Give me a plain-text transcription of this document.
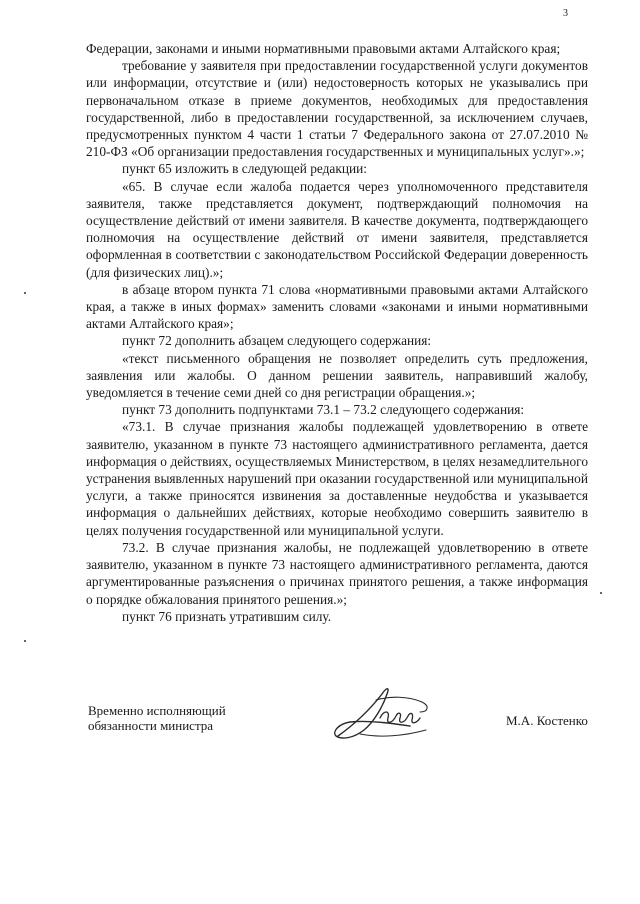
3

Федерации, законами и иными нормативными правовыми актами Алтайского края;

требование у заявителя при предоставлении государственной услуги документов или информации, отсутствие и (или) недостоверность которых не указывались при первоначальном отказе в приеме документов, необходимых для предоставления государственной, либо в предоставлении государственной, за исключением случаев, предусмотренных пунктом 4 части 1 статьи 7 Федерального закона от 27.07.2010 № 210-ФЗ «Об организации предоставления государственных и муниципальных услуг».»;

пункт 65 изложить в следующей редакции:

«65. В случае если жалоба подается через уполномоченного представителя заявителя, также представляется документ, подтверждающий полномочия на осуществление действий от имени заявителя. В качестве документа, подтверждающего полномочия на осуществление действий от имени заявителя, представляется оформленная в соответствии с законодательством Российской Федерации доверенность (для физических лиц).»;

в абзаце втором пункта 71 слова «нормативными правовыми актами Алтайского края, а также в иных формах» заменить словами «законами и иными нормативными актами Алтайского края»;

пункт 72 дополнить абзацем следующего содержания:

«текст письменного обращения не позволяет определить суть предложения, заявления или жалобы. О данном решении заявитель, направивший жалобу, уведомляется в течение семи дней со дня регистрации обращения.»;

пункт 73 дополнить подпунктами 73.1 – 73.2 следующего содержания:

«73.1. В случае признания жалобы подлежащей удовлетворению в ответе заявителю, указанном в пункте 73 настоящего административного регламента, дается информация о действиях, осуществляемых Министерством, в целях незамедлительного устранения выявленных нарушений при оказании государственной или муниципальной услуги, а также приносятся извинения за доставленные неудобства и указывается информация о дальнейших действиях, которые необходимо совершить заявителю в целях получения государственной или муниципальной услуги.

73.2. В случае признания жалобы, не подлежащей удовлетворению в ответе заявителю, указанном в пункте 73 настоящего административного регламента, даются аргументированные разъяснения о причинах принятого решения, а также информация о порядке обжалования принятого решения.»;

пункт 76 признать утратившим силу.

Временно исполняющий
обязанности министра	М.А. Костенко
